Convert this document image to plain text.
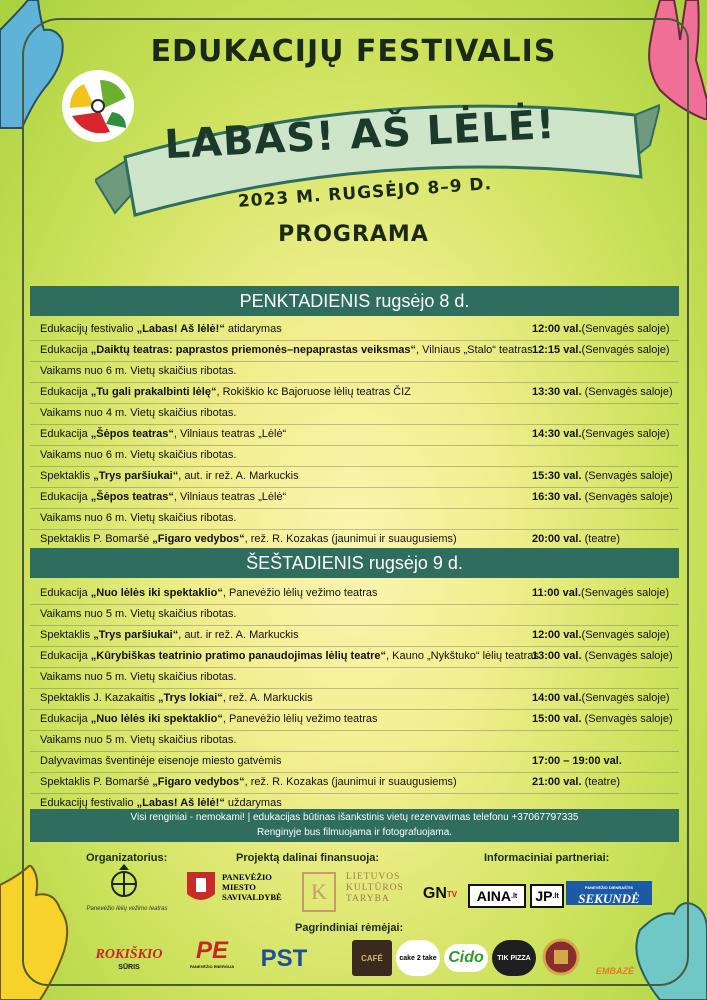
EDUKACIJŲ FESTIVALIS
LABAS! AŠ LĖLĖ!
2023 M. RUGSĖJO 8–9 D.
PROGRAMA
PENKTADIENIS
rugsėjo 8 d.
Edukacijų festivalio „Labas! Aš lėlė!“ atidarymas	12:00 val.(Senvagės saloje)
Edukacija „Daiktų teatras: paprastos priemonės–nepaprastas veiksmas“, Vilniaus „Stalo“ teatras 12:15 val.(Senvagės saloje)
Vaikams nuo 6 m. Vietų skaičius ribotas.
Edukacija „Tu gali prakalbinti lėlę“, Rokiškio kc Bajoruose lėlių teatras ČIZ	13:30 val. (Senvagės saloje)
Vaikams nuo 4 m. Vietų skaičius ribotas.
Edukacija „Šėpos teatras“, Vilniaus teatras „Lėlė“	14:30 val.(Senvagės saloje)
Vaikams nuo 6 m. Vietų skaičius ribotas.
Spektaklis „Trys paršiukai“, aut. ir rež. A. Markuckis	15:30 val. (Senvagės saloje)
Edukacija „Šėpos teatras“, Vilniaus teatras „Lėlė“	16:30 val. (Senvagės saloje)
Vaikams nuo 6 m. Vietų skaičius ribotas.
Spektaklis P. Bomaršė „Figaro vedybos“, rež. R. Kozakas (jaunimui ir suaugusiems)	20:00 val. (teatre)
ŠEŠTADIENIS
rugsėjo 9 d.
Edukacija „Nuo lėlės iki spektaklio“, Panevėžio lėlių vežimo teatras	11:00 val.(Senvagės saloje)
Vaikams nuo 5 m. Vietų skaičius ribotas.
Spektaklis „Trys paršiukai“, aut. ir rež. A. Markuckis	12:00 val.(Senvagės saloje)
Edukacija „Kūrybiškas teatrinio pratimo panaudojimas lėlių teatre“, Kauno „Nykštuko“ lėlių teatras
13:00 val. (Senvagės saloje)
Vaikams nuo 5 m. Vietų skaičius ribotas.
Spektaklis J. Kazakaitis „Trys lokiai“, rež. A. Markuckis	14:00 val.(Senvagės saloje)
Edukacija „Nuo lėlės iki spektaklio“, Panevėžio lėlių vežimo teatras	15:00 val. (Senvagės saloje)
Vaikams nuo 5 m. Vietų skaičius ribotas.
Dalyvavimas šventinėje eisenoje miesto gatvėmis	17:00 – 19:00 val.
Spektaklis P. Bomaršė „Figaro vedybos“, rež. R. Kozakas (jaunimui ir suaugusiems)	21:00 val. (teatre)
Edukacijų festivalio „Labas! Aš lėlė!“ uždarymas
Visi renginiai - nemokami! | edukacijas būtinas išankstinis vietų rezervavimas telefonu +37067797335
Renginyje bus filmuojama ir fotografuojama.
Organizatorius:	Projektą dalinai finansuoja:	Informaciniai partneriai:
Pagrindiniai rėmėjai:
Panevėžio lėlių vežimo teatras
PANEVĖŽIO
MIESTO
SAVIVALDYBĖ	K
LIETUVOS
KULTŪROS
TARYBA	GN TV AINA .lt JP .lt
PANEVĖŽIO DIENRAŠTIS
SEKUNDĖ
ROKIŠKIO
SŪRIS
PE
PANEVĖŽIO ENERGIJA PST	CAFÉ cake 2 take Cido TIK PIZZA
EMBAZĖ
